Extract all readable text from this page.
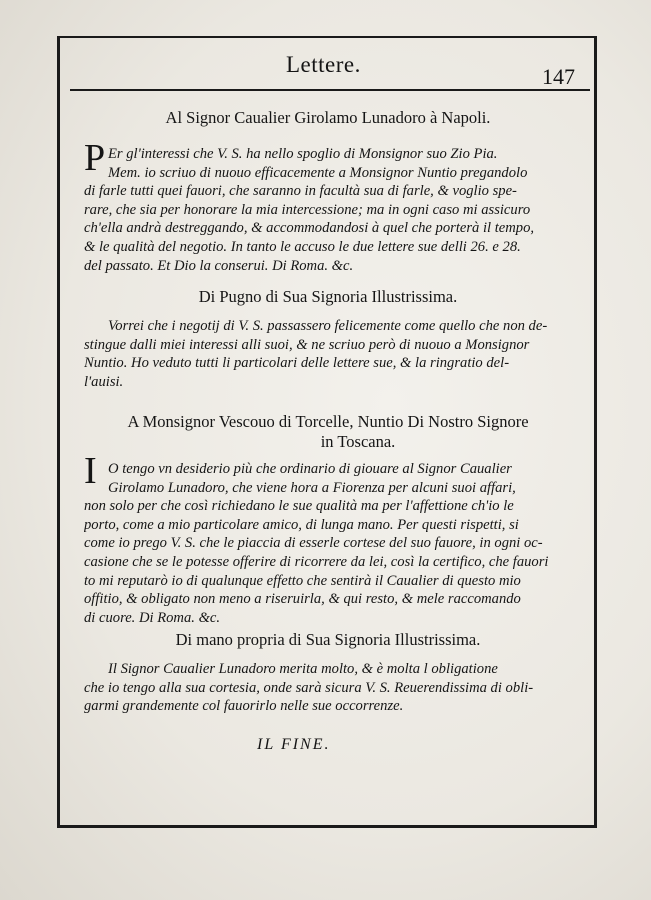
Lettere.	147
Al Signor Caualier Girolamo Lunadoro à Napoli.
P Er gl'interessi che V. S. ha nello spoglio di Monsignor suo Zio Pia.
Mem. io scriuo di nuouo efficacemente a Monsignor Nuntio pregandolo
di farle tutti quei fauori, che saranno in facultà sua di farle, & voglio spe-
rare, che sia per honorare la mia intercessione; ma in ogni caso mi assicuro
ch'ella andrà destreggando, & accommodandosi à quel che porterà il tempo,
& le qualità del negotio. In tanto le accuso le due lettere sue delli 26. e 28.
del passato. Et Dio la conserui. Di Roma. &c.
Di Pugno di Sua Signoria Illustrissima.
Vorrei che i negotij di V. S. passassero felicemente come quello che non de-
stingue dalli miei interessi alli suoi, & ne scriuo però di nuouo a Monsignor
Nuntio. Ho veduto tutti li particolari delle lettere sue, & la ringratio del-
l'auisi.
A Monsignor Vescouo di Torcelle, Nuntio Di Nostro Signore
in Toscana.
I O tengo vn desiderio più che ordinario di giouare al Signor Caualier
Girolamo Lunadoro, che viene hora a Fiorenza per alcuni suoi affari,
non solo per che così richiedano le sue qualità ma per l'affettione ch'io le
porto, come a mio particolare amico, di lunga mano. Per questi rispetti, si
come io prego V. S. che le piaccia di esserle cortese del suo fauore, in ogni oc-
casione che se le potesse offerire di ricorrere da lei, così la certifico, che fauori
to mi reputarò io di qualunque effetto che sentirà il Caualier di questo mio
offitio, & obligato non meno a riseruirla, & qui resto, & mele raccomando
di cuore. Di Roma. &c.
Di mano propria di Sua Signoria Illustrissima.
Il Signor Caualier Lunadoro merita molto, & è molta l obligatione
che io tengo alla sua cortesia, onde sarà sicura V. S. Reuerendissima di obli-
garmi grandemente col fauorirlo nelle sue occorrenze.
IL FINE.
